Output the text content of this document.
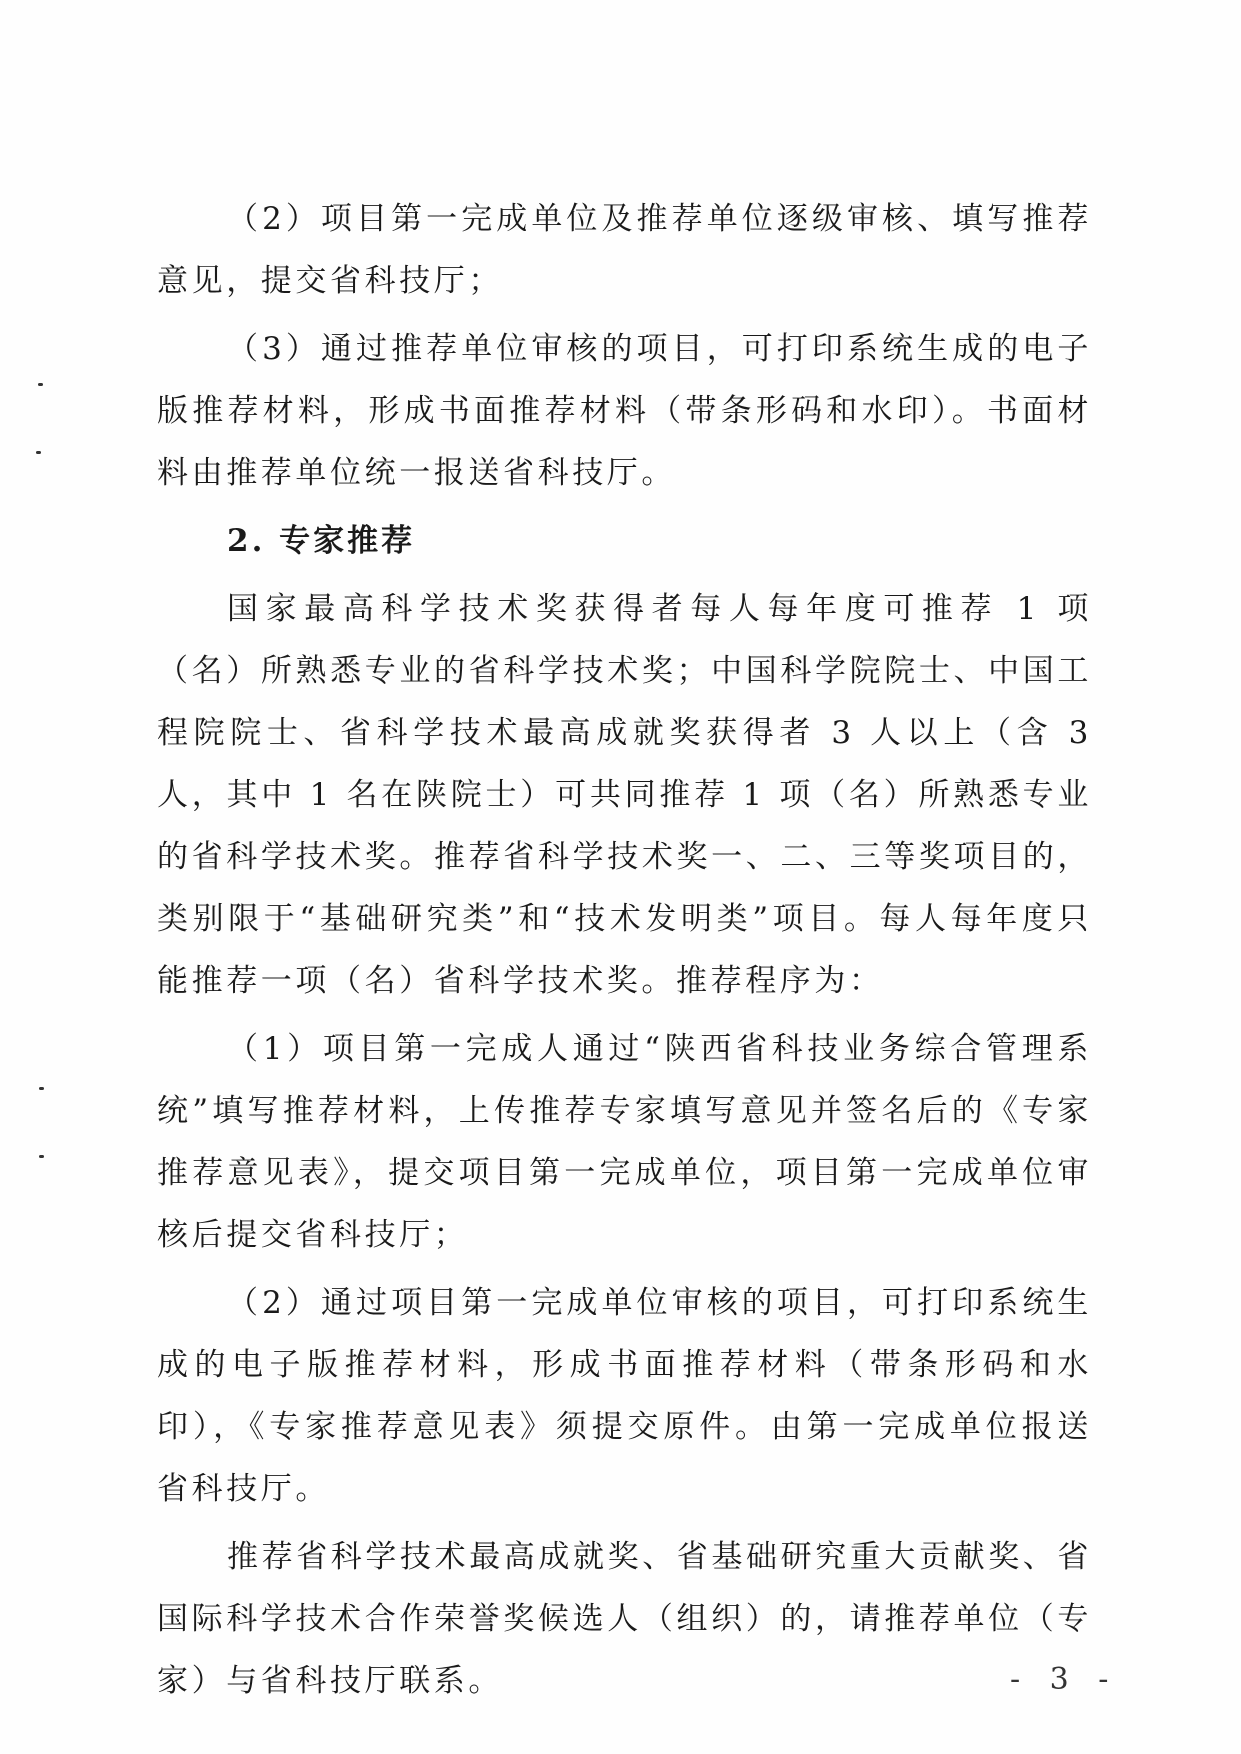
（2）项目第一完成单位及推荐单位逐级审核、填写推荐意见，提交省科技厅；

（3）通过推荐单位审核的项目，可打印系统生成的电子版推荐材料，形成书面推荐材料（带条形码和水印）。书面材料由推荐单位统一报送省科技厅。

2. 专家推荐

国家最高科学技术奖获得者每人每年度可推荐 1 项（名）所熟悉专业的省科学技术奖；中国科学院院士、中国工程院院士、省科学技术最高成就奖获得者 3 人以上（含 3 人，其中 1 名在陕院士）可共同推荐 1 项（名）所熟悉专业的省科学技术奖。推荐省科学技术奖一、二、三等奖项目的，类别限于“基础研究类”和“技术发明类”项目。每人每年度只能推荐一项（名）省科学技术奖。推荐程序为：

（1）项目第一完成人通过“陕西省科技业务综合管理系统”填写推荐材料，上传推荐专家填写意见并签名后的《专家推荐意见表》，提交项目第一完成单位，项目第一完成单位审核后提交省科技厅；

（2）通过项目第一完成单位审核的项目，可打印系统生成的电子版推荐材料，形成书面推荐材料（带条形码和水印），《专家推荐意见表》须提交原件。由第一完成单位报送省科技厅。

推荐省科学技术最高成就奖、省基础研究重大贡献奖、省国际科学技术合作荣誉奖候选人（组织）的，请推荐单位（专家）与省科技厅联系。	- 3 -
